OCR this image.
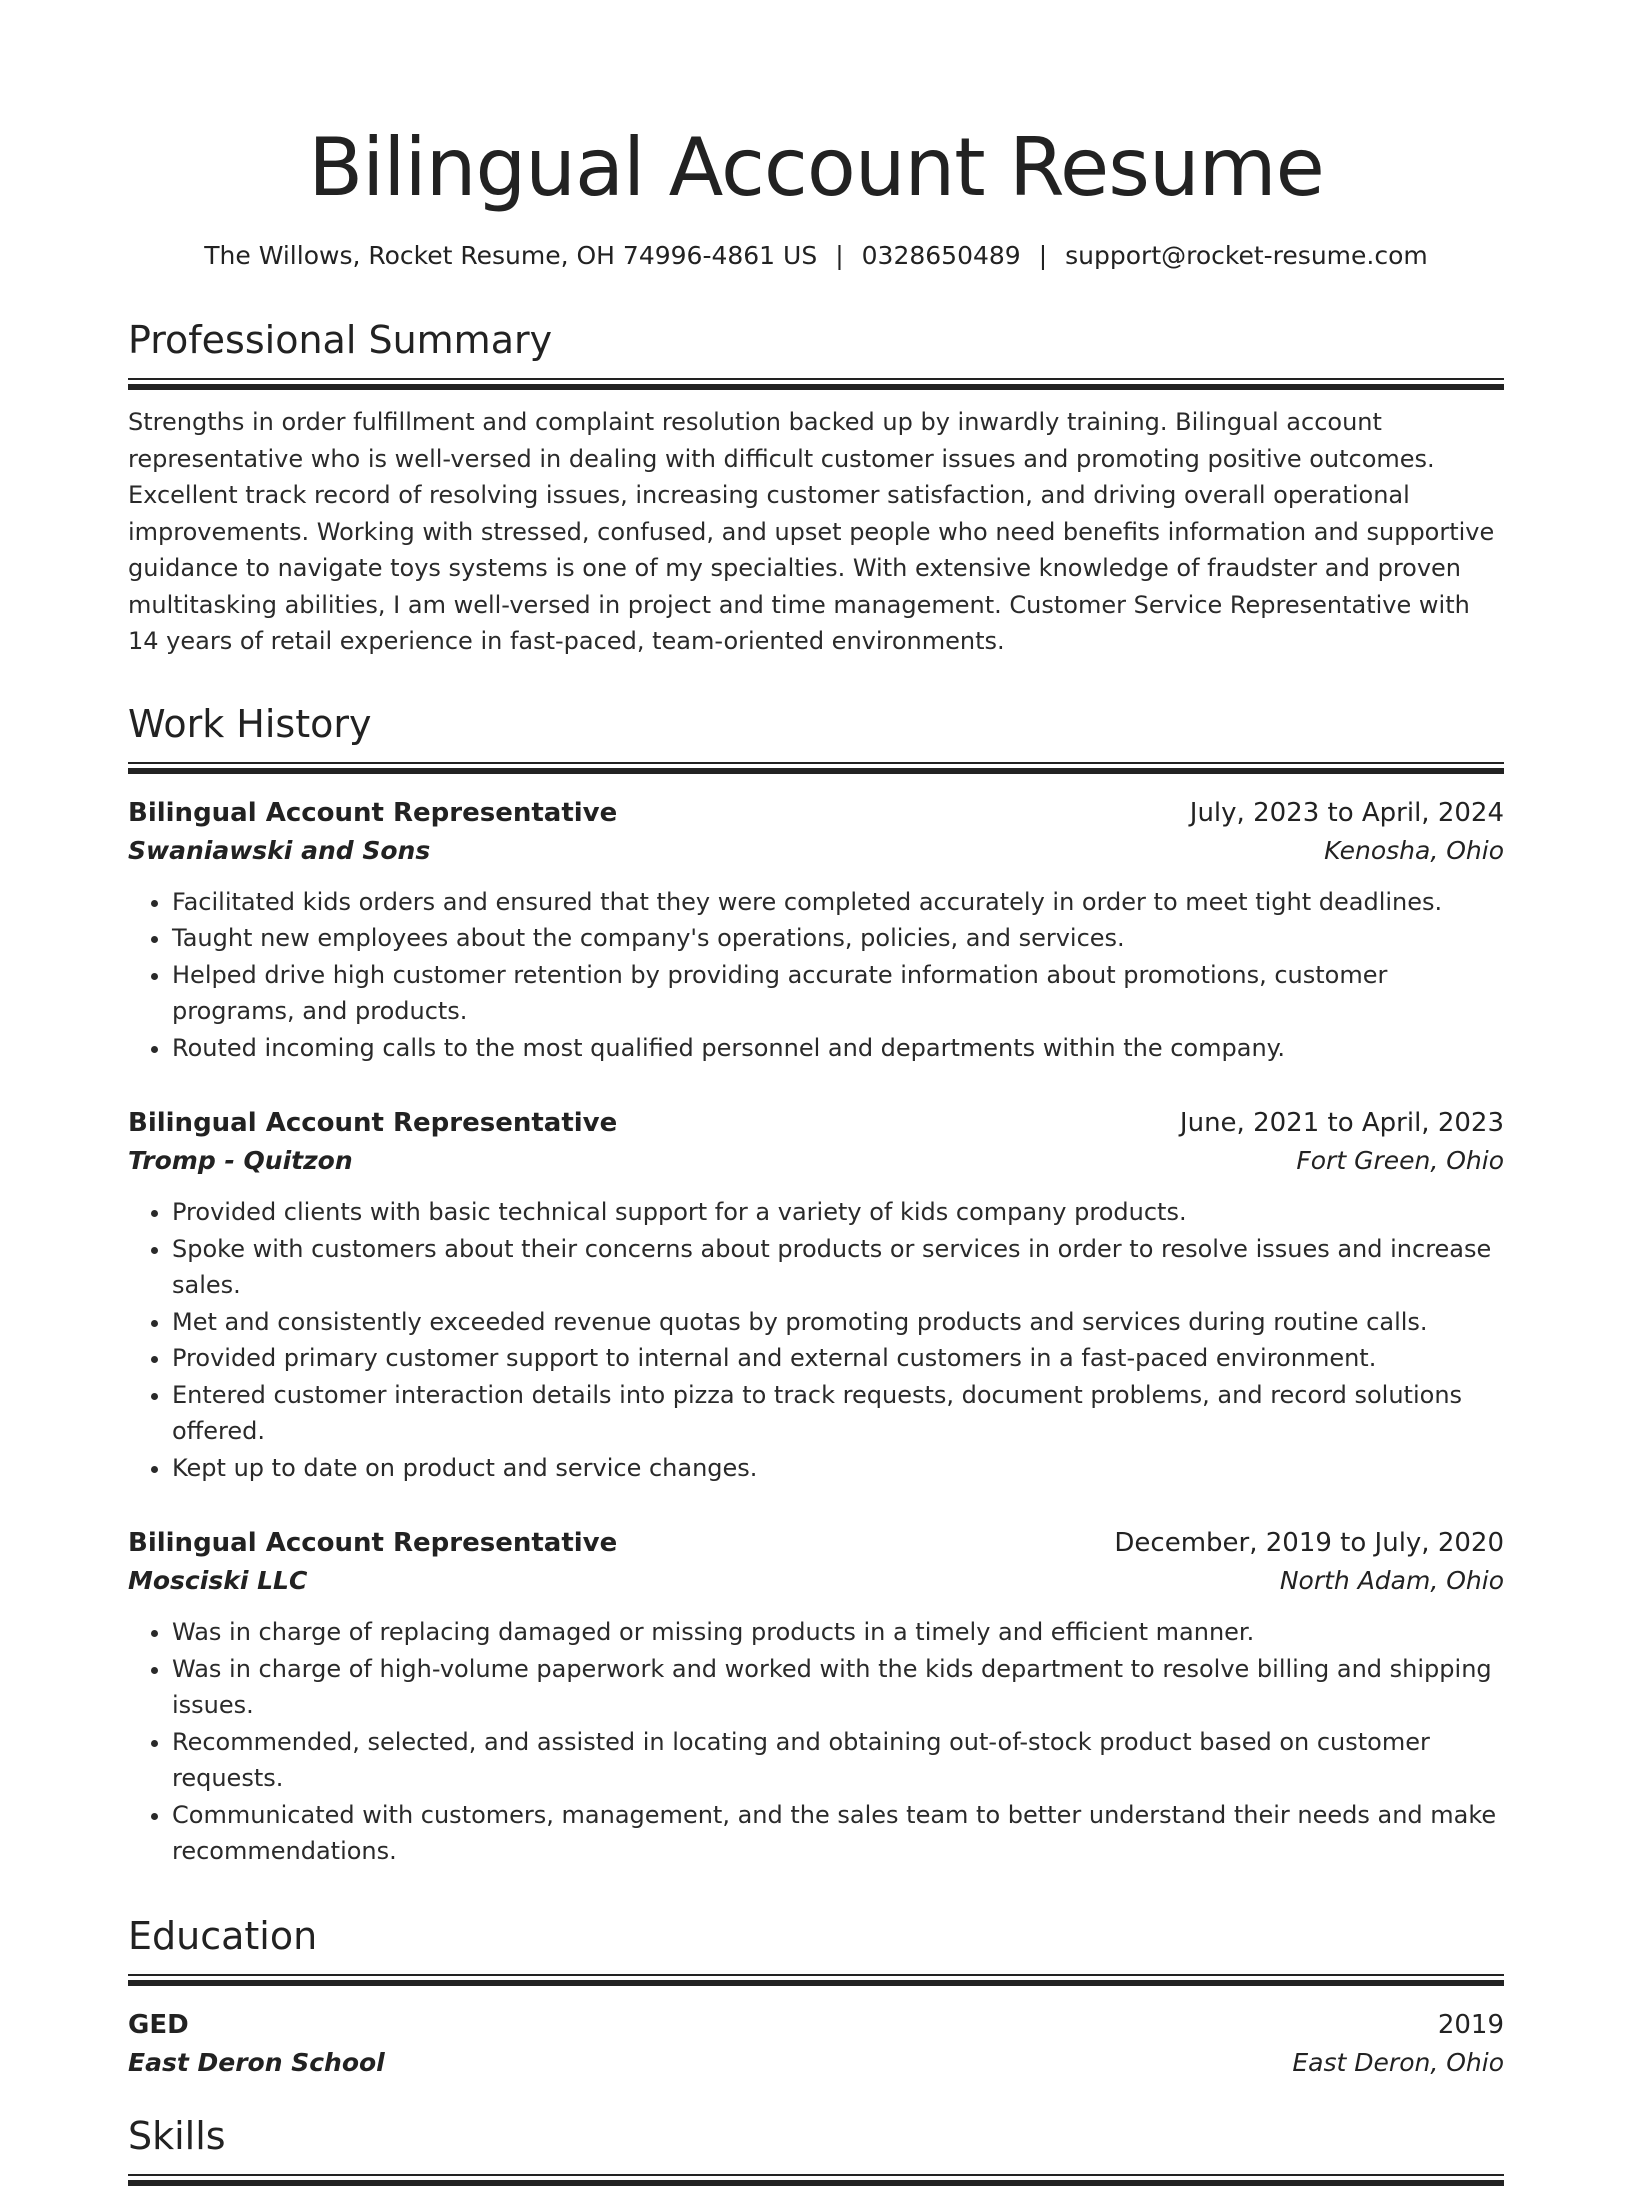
Bilingual Account Resume
The Willows, Rocket Resume, OH 74996-4861 US | 0328650489 | support@rocket-resume.com
Professional Summary
Strengths in order fulfillment and complaint resolution backed up by inwardly training. Bilingual account representative who is well-versed in dealing with difficult customer issues and promoting positive outcomes. Excellent track record of resolving issues, increasing customer satisfaction, and driving overall operational improvements. Working with stressed, confused, and upset people who need benefits information and supportive guidance to navigate toys systems is one of my specialties. With extensive knowledge of fraudster and proven multitasking abilities, I am well-versed in project and time management. Customer Service Representative with 14 years of retail experience in fast-paced, team-oriented environments.
Work History
Bilingual Account Representative	July, 2023 to April, 2024
Swaniawski and Sons	Kenosha, Ohio
• Facilitated kids orders and ensured that they were completed accurately in order to meet tight deadlines.
• Taught new employees about the company's operations, policies, and services.
• Helped drive high customer retention by providing accurate information about promotions, customer programs, and products.
• Routed incoming calls to the most qualified personnel and departments within the company.
Bilingual Account Representative	June, 2021 to April, 2023
Tromp - Quitzon	Fort Green, Ohio
• Provided clients with basic technical support for a variety of kids company products.
• Spoke with customers about their concerns about products or services in order to resolve issues and increase sales.
• Met and consistently exceeded revenue quotas by promoting products and services during routine calls.
• Provided primary customer support to internal and external customers in a fast-paced environment.
• Entered customer interaction details into pizza to track requests, document problems, and record solutions offered.
• Kept up to date on product and service changes.
Bilingual Account Representative	December, 2019 to July, 2020
Mosciski LLC	North Adam, Ohio
• Was in charge of replacing damaged or missing products in a timely and efficient manner.
• Was in charge of high-volume paperwork and worked with the kids department to resolve billing and shipping issues.
• Recommended, selected, and assisted in locating and obtaining out-of-stock product based on customer requests.
• Communicated with customers, management, and the sales team to better understand their needs and make recommendations.
Education
GED	2019
East Deron School	East Deron, Ohio
Skills
